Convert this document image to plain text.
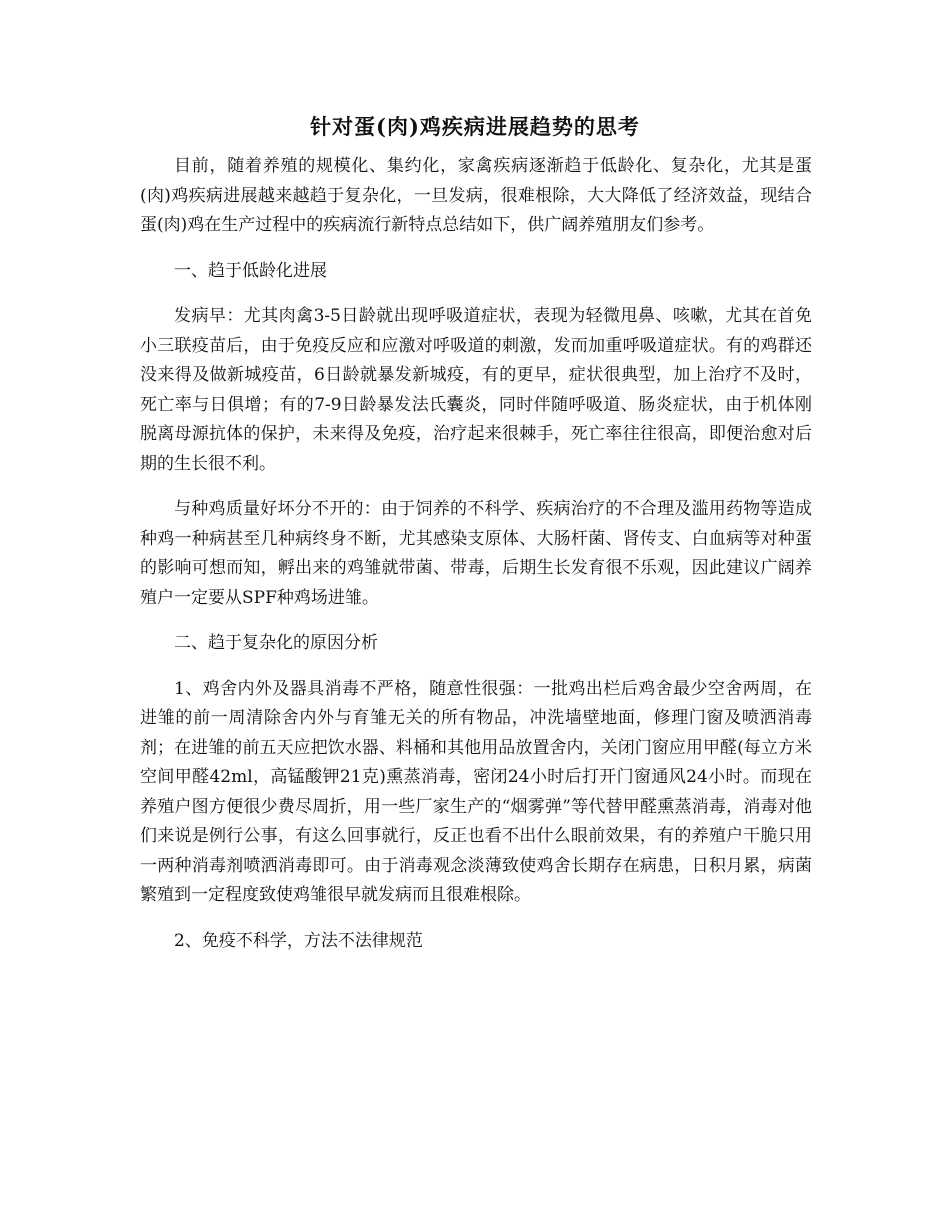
针对蛋(肉)鸡疾病进展趋势的思考

目前，随着养殖的规模化、集约化，家禽疾病逐渐趋于低龄化、复杂化，尤其是蛋(肉)鸡疾病进展越来越趋于复杂化，一旦发病，很难根除，大大降低了经济效益，现结合蛋(肉)鸡在生产过程中的疾病流行新特点总结如下，供广阔养殖朋友们参考。

一、趋于低龄化进展

发病早：尤其肉禽3-5日龄就出现呼吸道症状，表现为轻微甩鼻、咳嗽，尤其在首免小三联疫苗后，由于免疫反应和应激对呼吸道的刺激，发而加重呼吸道症状。有的鸡群还没来得及做新城疫苗，6日龄就暴发新城疫，有的更早，症状很典型，加上治疗不及时，死亡率与日俱增；有的7-9日龄暴发法氏囊炎，同时伴随呼吸道、肠炎症状，由于机体刚脱离母源抗体的保护，未来得及免疫，治疗起来很棘手，死亡率往往很高，即便治愈对后期的生长很不利。

与种鸡质量好坏分不开的：由于饲养的不科学、疾病治疗的不合理及滥用药物等造成种鸡一种病甚至几种病终身不断，尤其感染支原体、大肠杆菌、肾传支、白血病等对种蛋的影响可想而知，孵出来的鸡雏就带菌、带毒，后期生长发育很不乐观，因此建议广阔养殖户一定要从SPF种鸡场进雏。

二、趋于复杂化的原因分析

1、鸡舍内外及器具消毒不严格，随意性很强：一批鸡出栏后鸡舍最少空舍两周，在进雏的前一周清除舍内外与育雏无关的所有物品，冲洗墙壁地面，修理门窗及喷洒消毒剂；在进雏的前五天应把饮水器、料桶和其他用品放置舍内，关闭门窗应用甲醛(每立方米空间甲醛42ml，高锰酸钾21克)熏蒸消毒，密闭24小时后打开门窗通风24小时。而现在养殖户图方便很少费尽周折，用一些厂家生产的“烟雾弹”等代替甲醛熏蒸消毒，消毒对他们来说是例行公事，有这么回事就行，反正也看不出什么眼前效果，有的养殖户干脆只用一两种消毒剂喷洒消毒即可。由于消毒观念淡薄致使鸡舍长期存在病患，日积月累，病菌繁殖到一定程度致使鸡雏很早就发病而且很难根除。

2、免疫不科学，方法不法律规范
